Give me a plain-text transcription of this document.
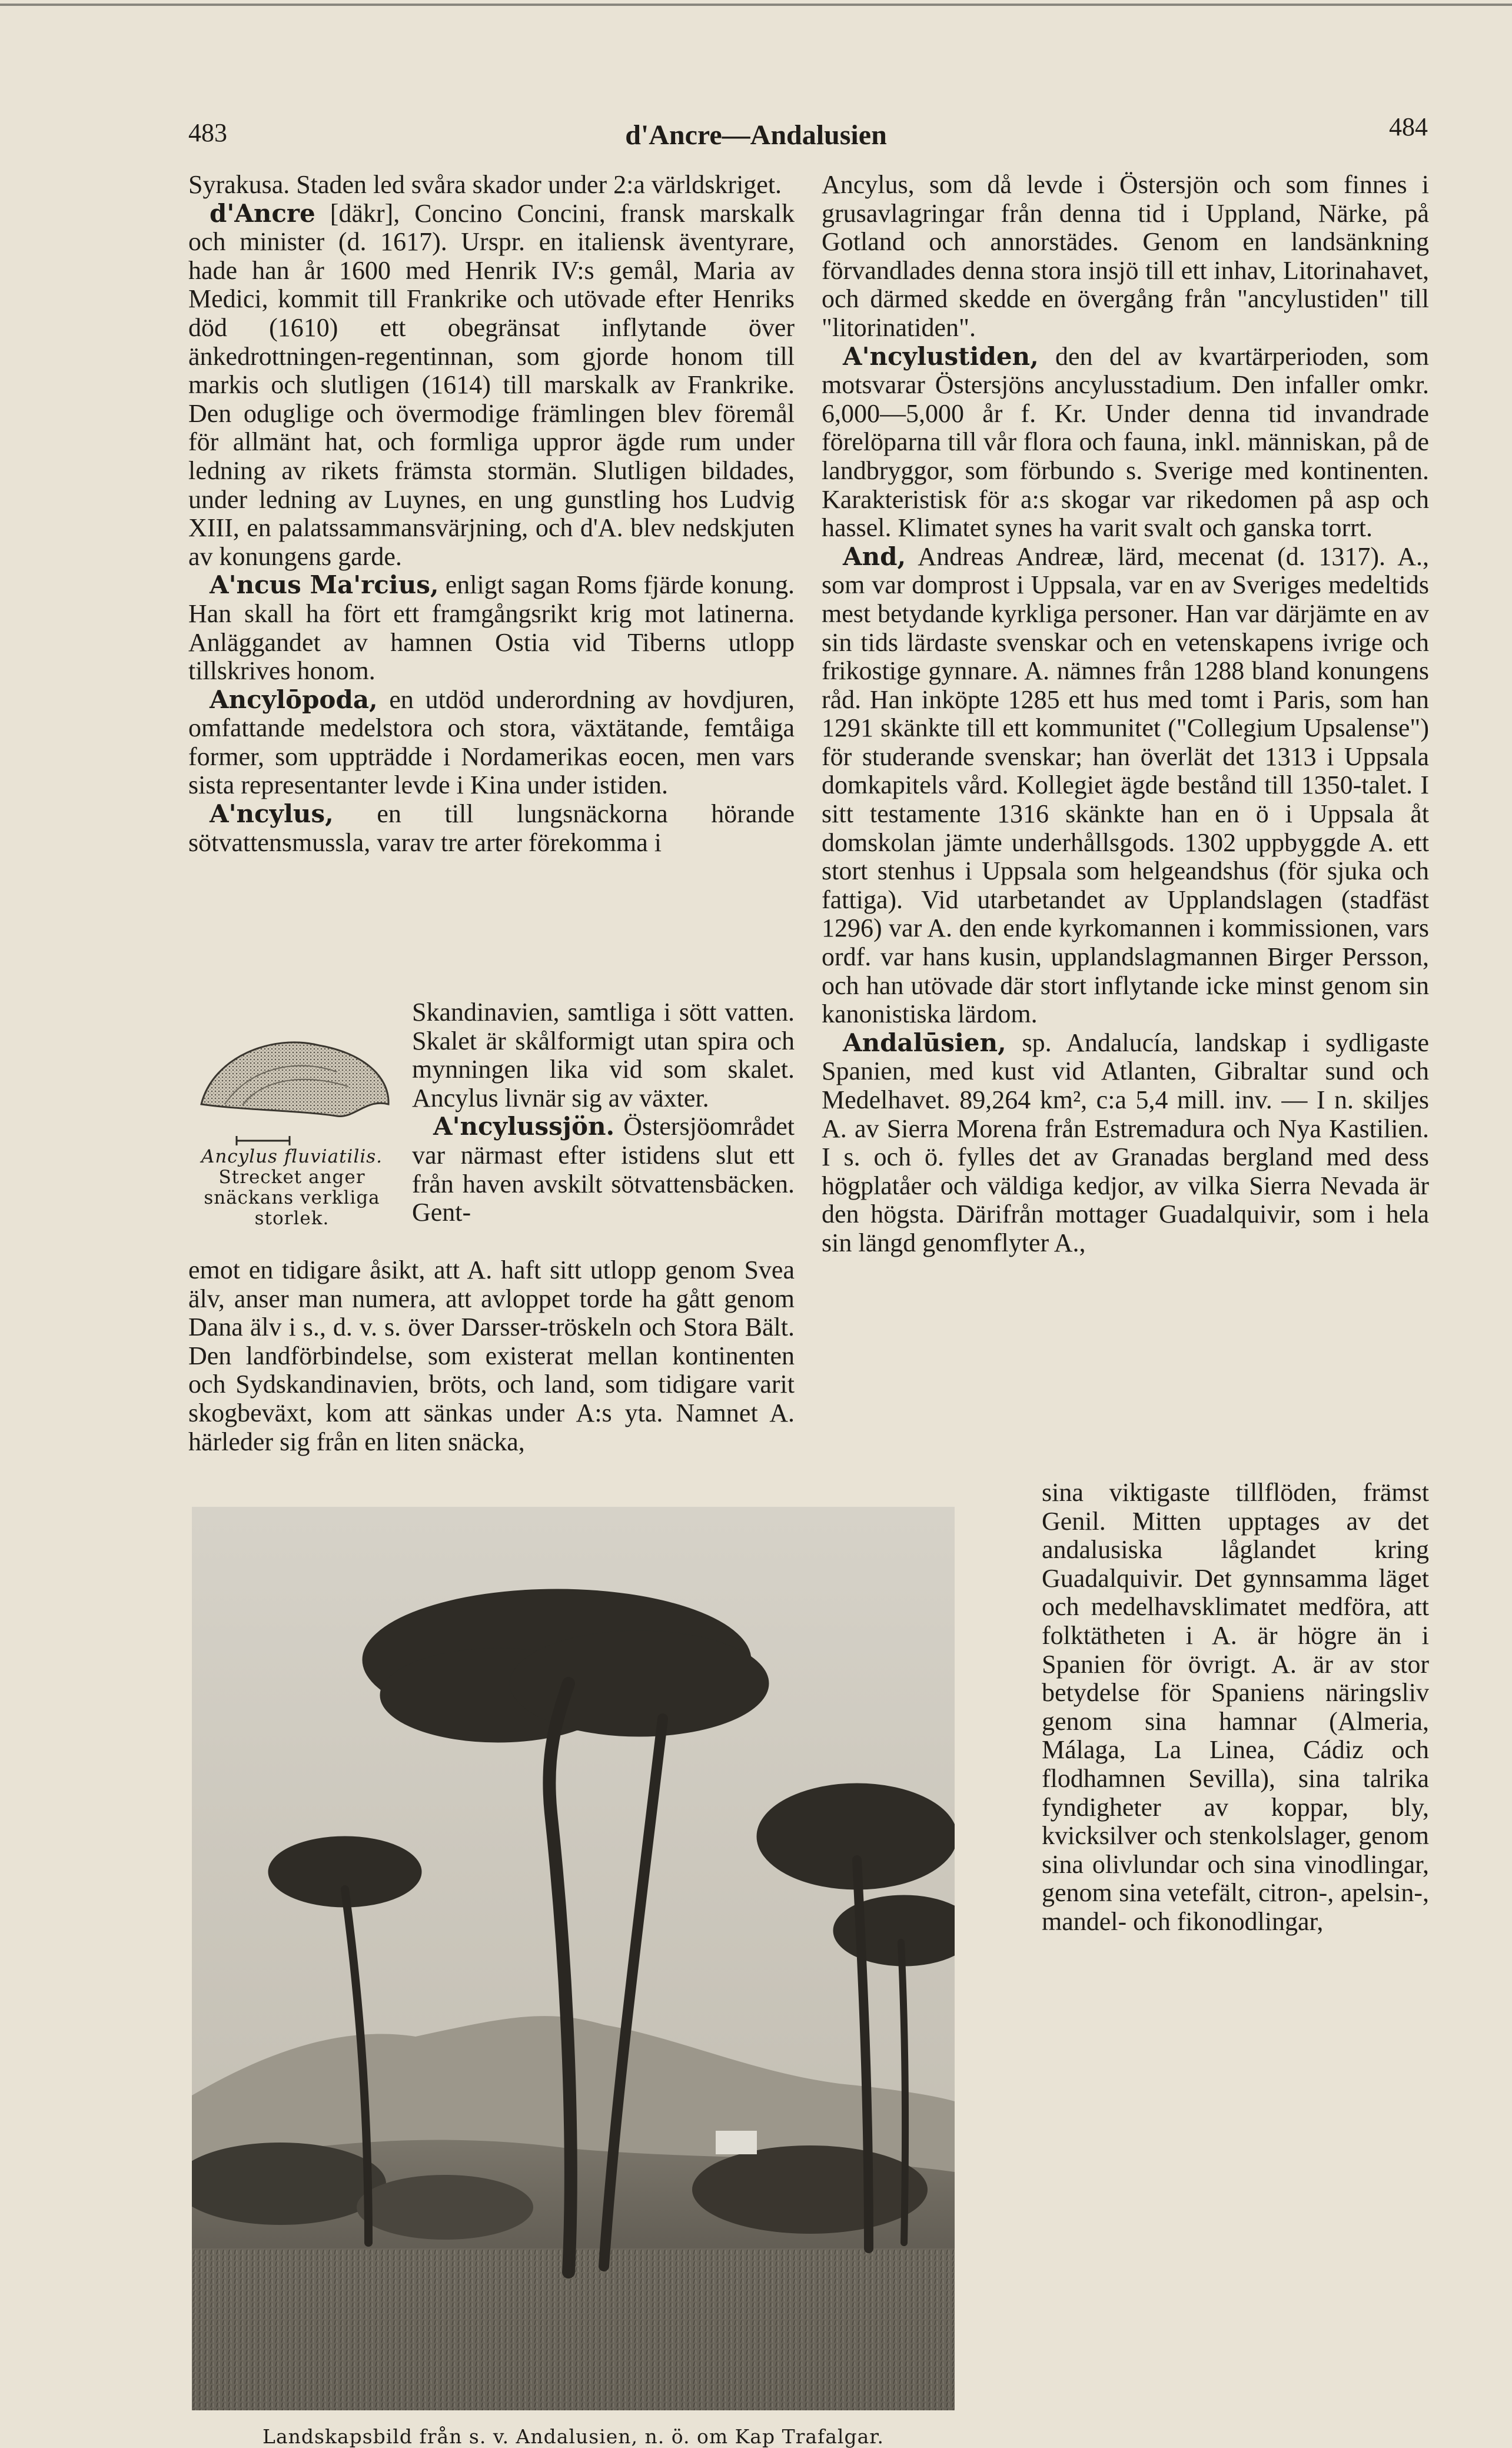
483	d'Ancre—Andalusien	484

Syrakusa. Staden led svåra skador under 2:a världskriget.

d'Ancre [däkr], Concino Concini, fransk marskalk och minister (d. 1617). Urspr. en italiensk äventyrare, hade han år 1600 med Henrik IV:s gemål, Maria av Medici, kommit till Frankrike och utövade efter Henriks död (1610) ett obegränsat inflytande över änkedrottningen-regentinnan, som gjorde honom till markis och slutligen (1614) till marskalk av Frankrike. Den oduglige och övermodige främlingen blev föremål för allmänt hat, och formliga uppror ägde rum under ledning av rikets främsta stormän. Slutligen bildades, under ledning av Luynes, en ung gunstling hos Ludvig XIII, en palatssammansvärjning, och d'A. blev nedskjuten av konungens garde.

A'ncus Ma'rcius, enligt sagan Roms fjärde konung. Han skall ha fört ett framgångsrikt krig mot latinerna. Anläggandet av hamnen Ostia vid Tiberns utlopp tillskrives honom.

Ancylōpoda, en utdöd underordning av hovdjuren, omfattande medelstora och stora, växtätande, femtåiga former, som uppträdde i Nordamerikas eocen, men vars sista representanter levde i Kina under istiden.

A'ncylus, en till lungsnäckorna hörande sötvattensmussla, varav tre arter förekomma i

Ancylus fluviatilis.
Strecket anger snäckans verkliga storlek.

Skandinavien, samtliga i sött vatten. Skalet är skålformigt utan spira och mynningen lika vid som skalet. Ancylus livnär sig av växter.

A'ncylussjön. Östersjöområdet var närmast efter istidens slut ett från haven avskilt sötvattensbäcken. Gent-

emot en tidigare åsikt, att A. haft sitt utlopp genom Svea älv, anser man numera, att avloppet torde ha gått genom Dana älv i s., d. v. s. över Darsser-tröskeln och Stora Bält. Den landförbindelse, som existerat mellan kontinenten och Sydskandinavien, bröts, och land, som tidigare varit skogbeväxt, kom att sänkas under A:s yta. Namnet A. härleder sig från en liten snäcka,

Ancylus, som då levde i Östersjön och som finnes i grusavlagringar från denna tid i Uppland, Närke, på Gotland och annorstädes. Genom en landsänkning förvandlades denna stora insjö till ett inhav, Litorinahavet, och därmed skedde en övergång från "ancylustiden" till "litorinatiden".

A'ncylustiden, den del av kvartärperioden, som motsvarar Östersjöns ancylusstadium. Den infaller omkr. 6,000—5,000 år f. Kr. Under denna tid invandrade förelöparna till vår flora och fauna, inkl. människan, på de landbryggor, som förbundo s. Sverige med kontinenten. Karakteristisk för a:s skogar var rikedomen på asp och hassel. Klimatet synes ha varit svalt och ganska torrt.

And, Andreas Andreæ, lärd, mecenat (d. 1317). A., som var domprost i Uppsala, var en av Sveriges medeltids mest betydande kyrkliga personer. Han var därjämte en av sin tids lärdaste svenskar och en vetenskapens ivrige och frikostige gynnare. A. nämnes från 1288 bland konungens råd. Han inköpte 1285 ett hus med tomt i Paris, som han 1291 skänkte till ett kommunitet ("Collegium Upsalense") för studerande svenskar; han överlät det 1313 i Uppsala domkapitels vård. Kollegiet ägde bestånd till 1350-talet. I sitt testamente 1316 skänkte han en ö i Uppsala åt domskolan jämte underhållsgods. 1302 uppbyggde A. ett stort stenhus i Uppsala som helgeandshus (för sjuka och fattiga). Vid utarbetandet av Upplandslagen (stadfäst 1296) var A. den ende kyrkomannen i kommissionen, vars ordf. var hans kusin, upplandslagmannen Birger Persson, och han utövade där stort inflytande icke minst genom sin kanonistiska lärdom.

Andalūsien, sp. Andalucía, landskap i sydligaste Spanien, med kust vid Atlanten, Gibraltar sund och Medelhavet. 89,264 km², c:a 5,4 mill. inv. — I n. skiljes A. av Sierra Morena från Estremadura och Nya Kastilien. I s. och ö. fylles det av Granadas bergland med dess högplatåer och väldiga kedjor, av vilka Sierra Nevada är den högsta. Därifrån mottager Guadalquivir, som i hela sin längd genomflyter A.,

sina viktigaste tillflöden, främst Genil. Mitten upptages av det andalusiska låglandet kring Guadalquivir. Det gynnsamma läget och medelhavsklimatet medföra, att folktätheten i A. är högre än i Spanien för övrigt. A. är av stor betydelse för Spaniens näringsliv genom sina hamnar (Almeria, Málaga, La Linea, Cádiz och flodhamnen Sevilla), sina talrika fyndigheter av koppar, bly, kvicksilver och stenkolslager, genom sina olivlundar och sina vinodlingar, genom sina vetefält, citron-, apelsin-, mandel- och fikonodlingar,

Landskapsbild från s. v. Andalusien, n. ö. om Kap Trafalgar.
